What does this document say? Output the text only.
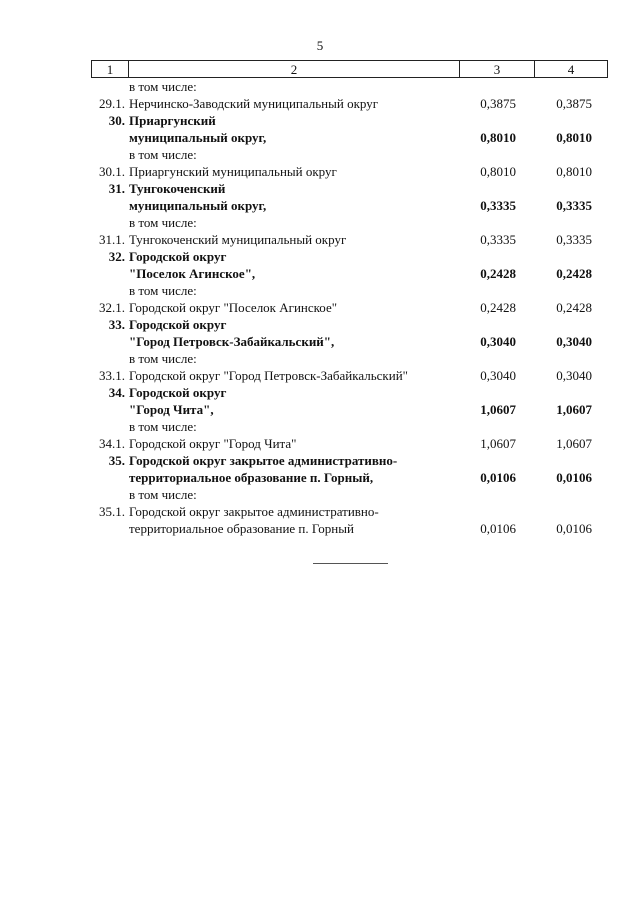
5
1	2	3	4
в том числе:
29.1. Нерчинско-Заводский муниципальный округ	0,3875	0,3875
30. Приаргунский
муниципальный округ,	0,8010	0,8010
в том числе:
30.1. Приаргунский муниципальный округ	0,8010	0,8010
31. Тунгокоченский
муниципальный округ,	0,3335	0,3335
в том числе:
31.1. Тунгокоченский муниципальный округ	0,3335	0,3335
32. Городской округ
"Поселок Агинское",	0,2428	0,2428
в том числе:
32.1. Городской округ "Поселок Агинское"	0,2428	0,2428
33. Городской округ
"Город Петровск-Забайкальский",	0,3040	0,3040
в том числе:
33.1. Городской округ "Город Петровск-Забайкальский"	0,3040	0,3040
34. Городской округ
"Город Чита",	1,0607	1,0607
в том числе:
34.1. Городской округ "Город Чита"	1,0607	1,0607
35. Городской округ закрытое административно-
территориальное образование п. Горный,	0,0106	0,0106
в том числе:
35.1. Городской округ закрытое административно-
территориальное образование п. Горный	0,0106	0,0106
